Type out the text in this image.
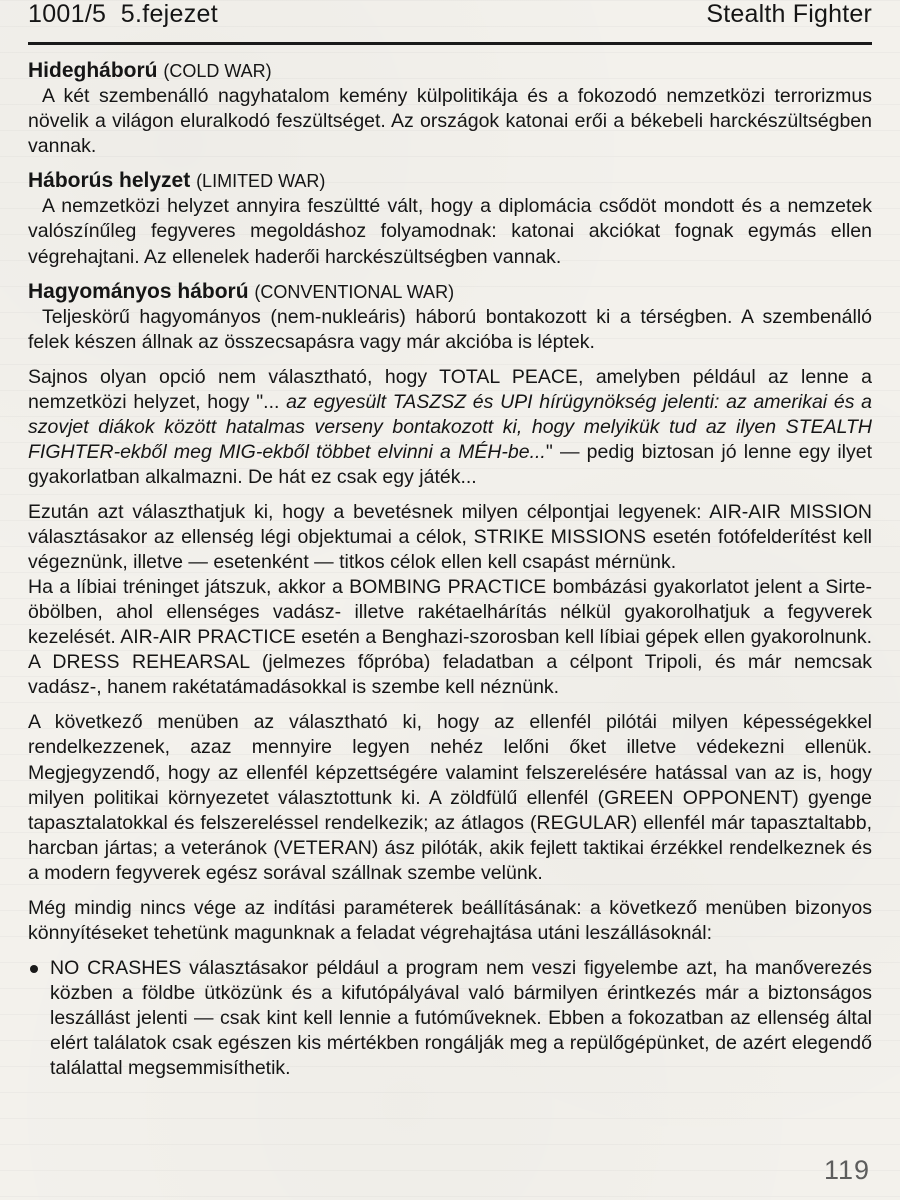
1001/5  5.fejezet	Stealth Fighter
Hidegháború (COLD WAR)

A két szembenálló nagyhatalom kemény külpolitikája és a fokozodó nemzetközi terrorizmus növelik a világon eluralkodó feszültséget. Az országok katonai erői a békebeli harckészültségben vannak.

Háborús helyzet (LIMITED WAR)

A nemzetközi helyzet annyira feszültté vált, hogy a diplomácia csődöt mondott és a nemzetek valószínűleg fegyveres megoldáshoz folyamodnak: katonai akciókat fognak egymás ellen végrehajtani. Az ellenelek haderői harckészültségben vannak.

Hagyományos háború (CONVENTIONAL WAR)

Teljeskörű hagyományos (nem-nukleáris) háború bontakozott ki a térségben. A szembenálló felek készen állnak az összecsapásra vagy már akcióba is léptek.

Sajnos olyan opció nem választható, hogy TOTAL PEACE, amelyben például az lenne a nemzetközi helyzet, hogy "... az egyesült TASZSZ és UPI hírügynökség jelenti: az amerikai és a szovjet diákok között hatalmas verseny bontakozott ki, hogy melyikük tud az ilyen STEALTH FIGHTER-ekből meg MIG-ekből többet elvinni a MÉH-be..." — pedig biztosan jó lenne egy ilyet gyakorlatban alkalmazni. De hát ez csak egy játék...

Ezután azt választhatjuk ki, hogy a bevetésnek milyen célpontjai legyenek: AIR-AIR MISSION választásakor az ellenség légi objektumai a célok, STRIKE MISSIONS esetén fotófelderítést kell végeznünk, illetve — esetenként — titkos célok ellen kell csapást mérnünk.

Ha a líbiai tréninget játszuk, akkor a BOMBING PRACTICE bombázási gyakorlatot jelent a Sirte-öbölben, ahol ellenséges vadász- illetve rakétaelhárítás nélkül gyakorolhatjuk a fegyverek kezelését. AIR-AIR PRACTICE esetén a Benghazi-szorosban kell líbiai gépek ellen gyakorolnunk. A DRESS REHEARSAL (jelmezes főpróba) feladatban a célpont Tripoli, és már nemcsak vadász-, hanem rakétatámadásokkal is szembe kell néznünk.

A következő menüben az választható ki, hogy az ellenfél pilótái milyen képességekkel rendelkezzenek, azaz mennyire legyen nehéz lelőni őket illetve védekezni ellenük. Megjegyzendő, hogy az ellenfél képzettségére valamint felszerelésére hatással van az is, hogy milyen politikai környezetet választottunk ki. A zöldfülű ellenfél (GREEN OPPONENT) gyenge tapasztalatokkal és felszereléssel rendelkezik; az átlagos (REGULAR) ellenfél már tapasztaltabb, harcban jártas; a veteránok (VETERAN) ász pilóták, akik fejlett taktikai érzékkel rendelkeznek és a modern fegyverek egész sorával szállnak szembe velünk.

Még mindig nincs vége az indítási paraméterek beállításának: a következő menüben bizonyos könnyítéseket tehetünk magunknak a feladat végrehajtása utáni leszállásoknál:

NO CRASHES választásakor például a program nem veszi figyelembe azt, ha manőverezés közben a földbe ütközünk és a kifutópályával való bármilyen érintkezés már a biztonságos leszállást jelenti — csak kint kell lennie a futóműveknek. Ebben a fokozatban az ellenség által elért találatok csak egészen kis mértékben rongálják meg a repülőgépünket, de azért elegendő találattal megsemmisíthetik.
119
